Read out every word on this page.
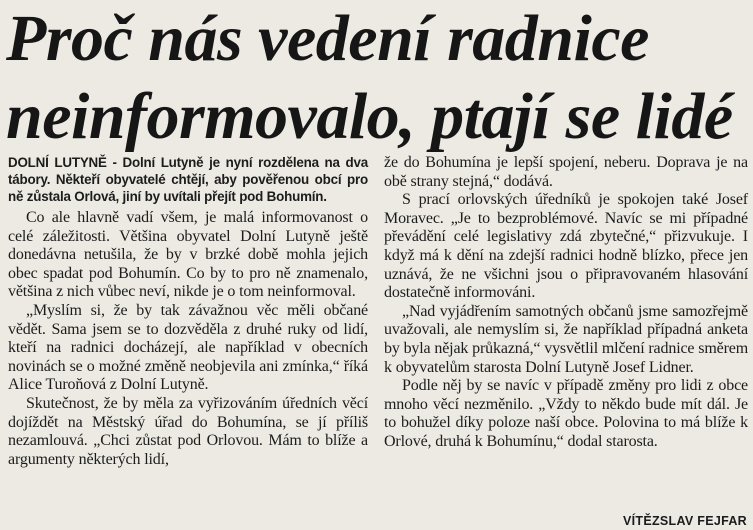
Proč nás vedení radnice
neinformovalo, ptají se lidé
DOLNÍ LUTYNĚ - Dolní Lutyně je nyní rozdělena na dva tábory. Někteří obyvatelé chtějí, aby pověřenou obcí pro ně zůstala Orlová, jiní by uvítali přejít pod Bohumín.

Co ale hlavně vadí všem, je malá informovanost o celé záležitosti. Většina obyvatel Dolní Lutyně ještě donedávna netušila, že by v brzké době mohla jejich obec spadat pod Bohumín. Co by to pro ně znamenalo, většina z nich vůbec neví, nikde je o tom neinformoval.

„Myslím si, že by tak závažnou věc měli občané vědět. Sama jsem se to dozvěděla z druhé ruky od lidí, kteří na radnici docházejí, ale například v obecních novinách se o možné změně neobjevila ani zmínka,“ říká Alice Turoňová z Dolní Lutyně.

Skutečnost, že by měla za vyřizováním úředních věcí dojíždět na Městský úřad do Bohumína, se jí příliš nezamlouvá. „Chci zůstat pod Orlovou. Mám to blíže a argumenty některých lidí,

že do Bohumína je lepší spojení, neberu. Doprava je na obě strany stejná,“ dodává.

S prací orlovských úředníků je spokojen také Josef Moravec. „Je to bezproblémové. Navíc se mi případné převádění celé legislativy zdá zbytečné,“ přizvukuje. I když má k dění na zdejší radnici hodně blízko, přece jen uznává, že ne všichni jsou o připravovaném hlasování dostatečně informováni.

„Nad vyjádřením samotných občanů jsme samozřejmě uvažovali, ale nemyslím si, že například případná anketa by byla nějak průkazná,“ vysvětlil mlčení radnice směrem k obyvatelům starosta Dolní Lutyně Josef Lidner.

Podle něj by se navíc v případě změny pro lidi z obce mnoho věcí nezměnilo. „Vždy to někdo bude mít dál. Je to bohužel díky poloze naší obce. Polovina to má blíže k Orlové, druhá k Bohumínu,“ dodal starosta.

VÍTĚZSLAV FEJFAR
